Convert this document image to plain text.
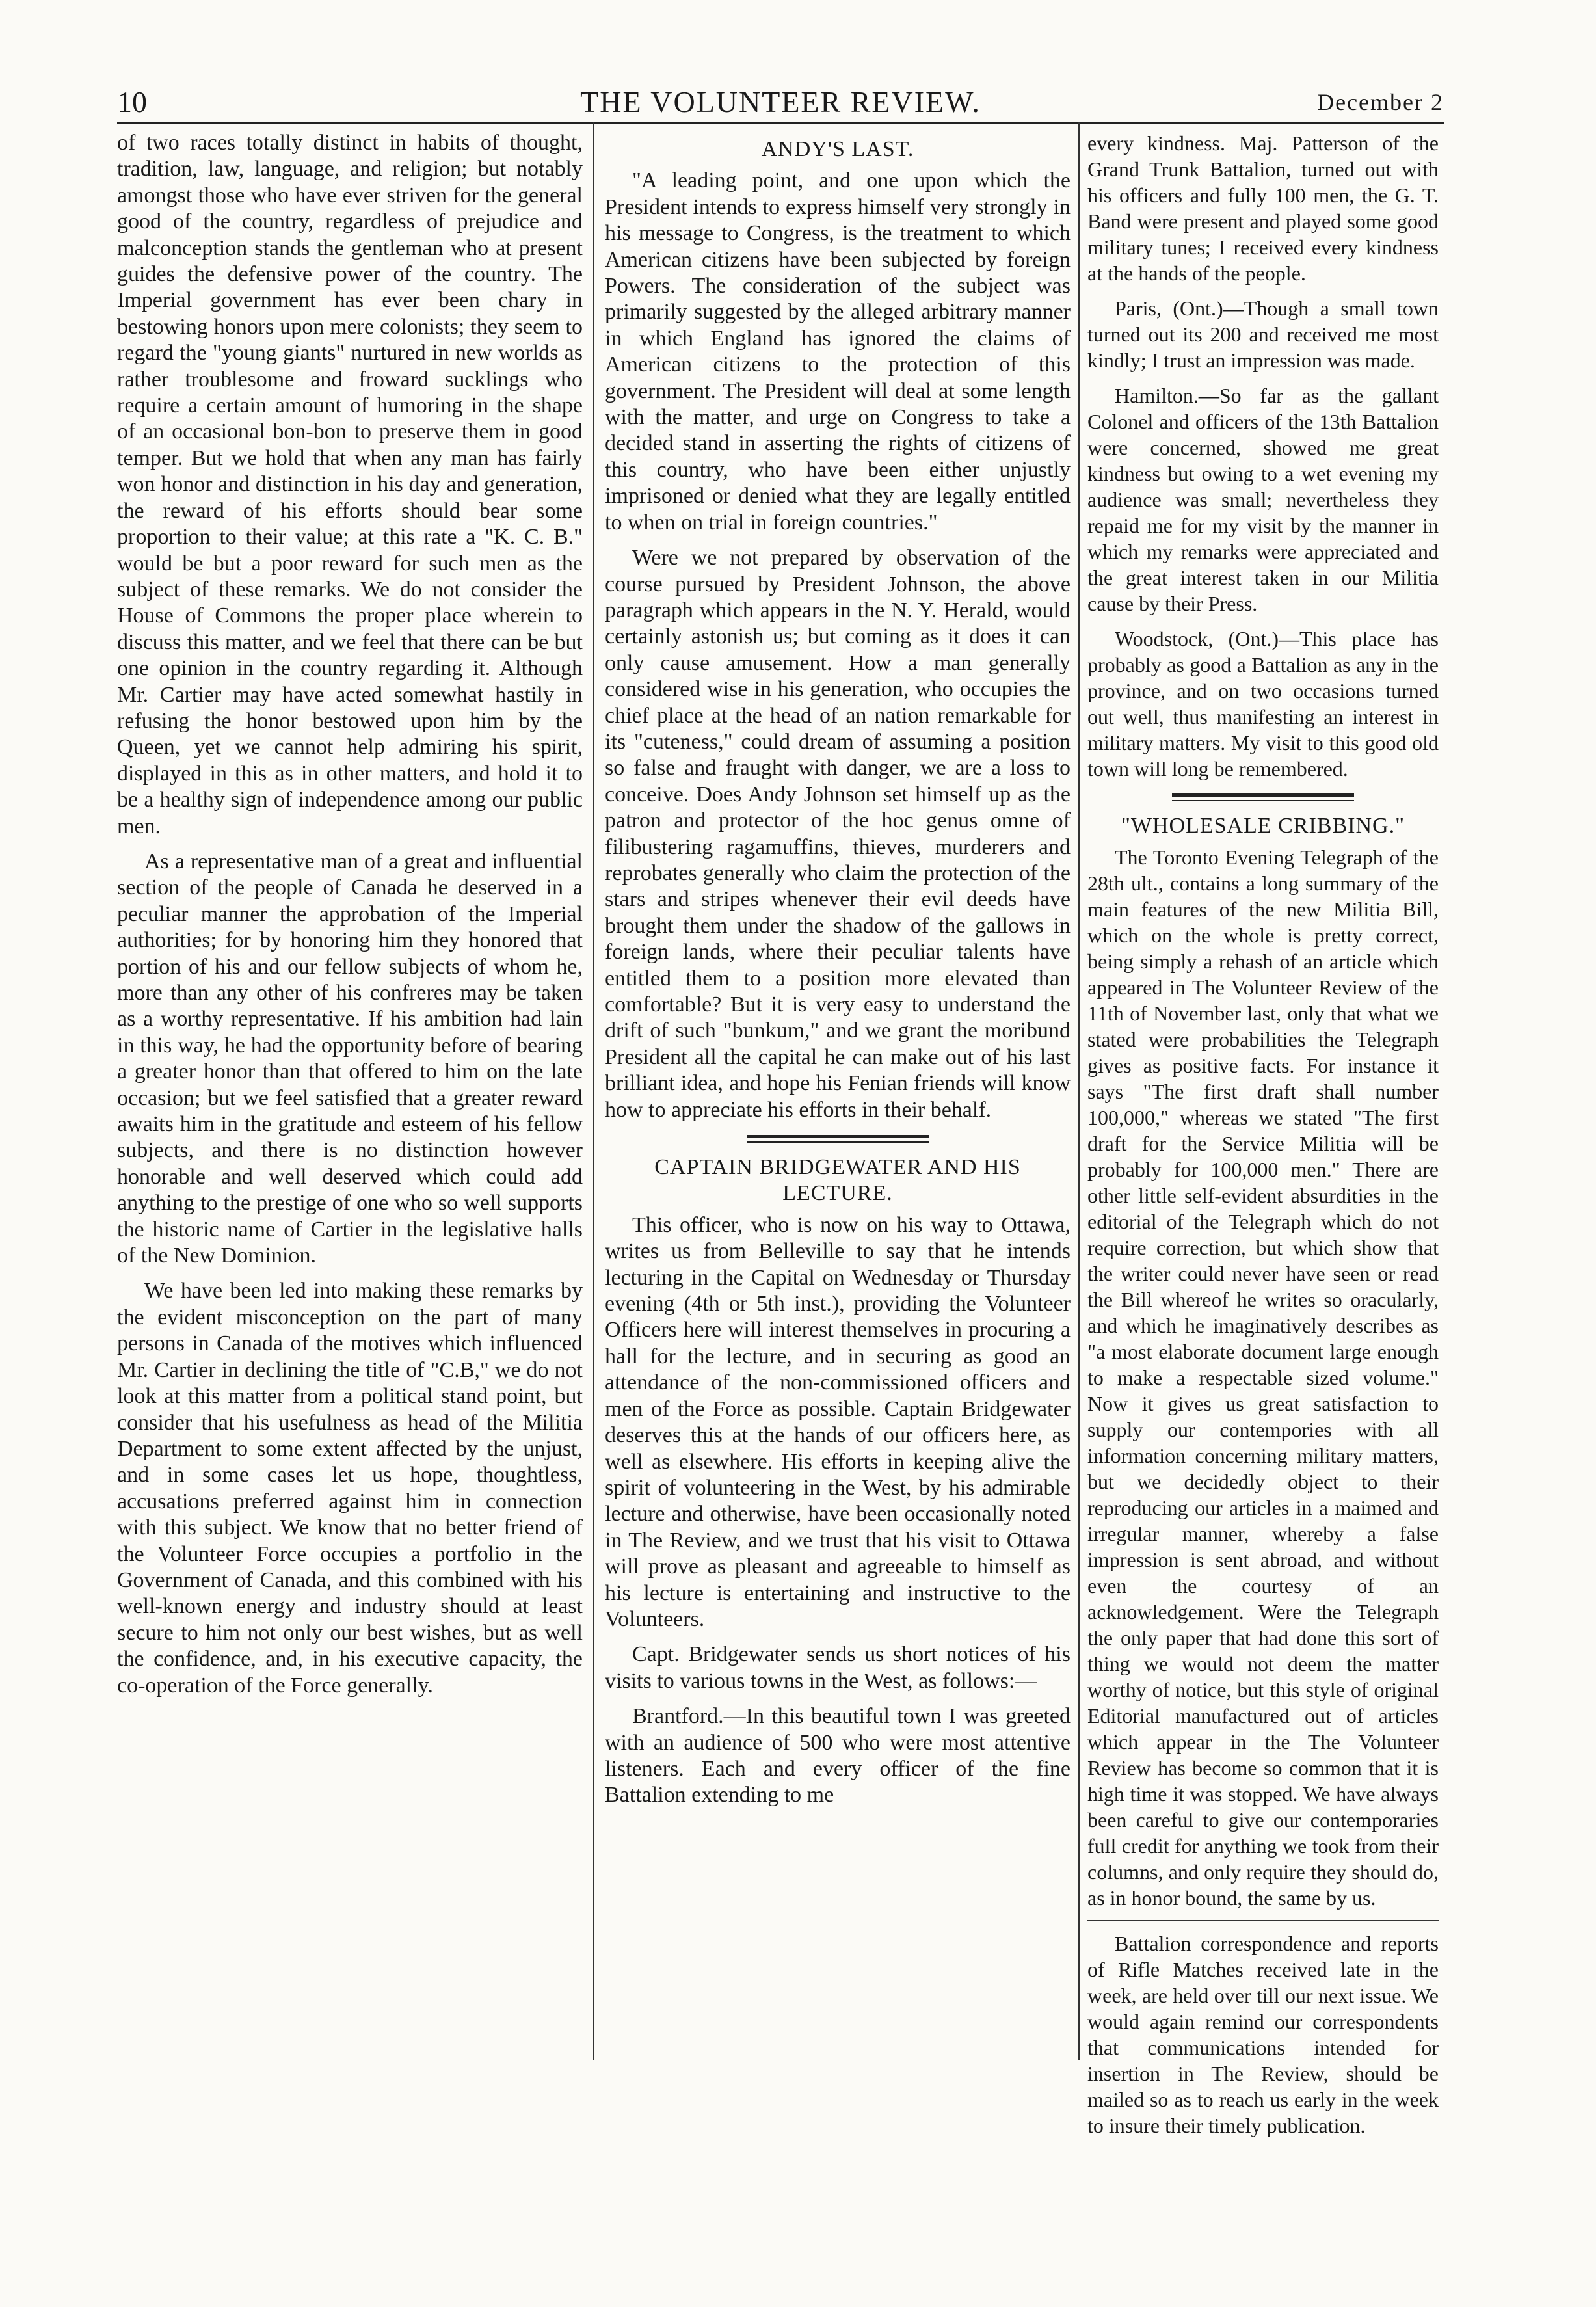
10	THE VOLUNTEER REVIEW.	December 2

of two races totally distinct in habits of thought, tradition, law, language, and religion; but notably amongst those who have ever striven for the general good of the country, regardless of prejudice and malconception stands the gentleman who at present guides the defensive power of the country. The Imperial government has ever been chary in bestowing honors upon mere colonists; they seem to regard the "young giants" nurtured in new worlds as rather troublesome and froward sucklings who require a certain amount of humoring in the shape of an occasional bon-bon to preserve them in good temper. But we hold that when any man has fairly won honor and distinction in his day and generation, the reward of his efforts should bear some proportion to their value; at this rate a "K. C. B." would be but a poor reward for such men as the subject of these remarks. We do not consider the House of Commons the proper place wherein to discuss this matter, and we feel that there can be but one opinion in the country regarding it. Although Mr. Cartier may have acted somewhat hastily in refusing the honor bestowed upon him by the Queen, yet we cannot help admiring his spirit, displayed in this as in other matters, and hold it to be a healthy sign of independence among our public men.

As a representative man of a great and influential section of the people of Canada he deserved in a peculiar manner the approbation of the Imperial authorities; for by honoring him they honored that portion of his and our fellow subjects of whom he, more than any other of his confreres may be taken as a worthy representative. If his ambition had lain in this way, he had the opportunity before of bearing a greater honor than that offered to him on the late occasion; but we feel satisfied that a greater reward awaits him in the gratitude and esteem of his fellow subjects, and there is no distinction however honorable and well deserved which could add anything to the prestige of one who so well supports the historic name of Cartier in the legislative halls of the New Dominion.

We have been led into making these remarks by the evident misconception on the part of many persons in Canada of the motives which influenced Mr. Cartier in declining the title of "C.B," we do not look at this matter from a political stand point, but consider that his usefulness as head of the Militia Department to some extent affected by the unjust, and in some cases let us hope, thoughtless, accusations preferred against him in connection with this subject. We know that no better friend of the Volunteer Force occupies a portfolio in the Government of Canada, and this combined with his well-known energy and industry should at least secure to him not only our best wishes, but as well the confidence, and, in his executive capacity, the co-operation of the Force generally.

ANDY'S LAST.

"A leading point, and one upon which the President intends to express himself very strongly in his message to Congress, is the treatment to which American citizens have been subjected by foreign Powers. The consideration of the subject was primarily suggested by the alleged arbitrary manner in which England has ignored the claims of American citizens to the protection of this government. The President will deal at some length with the matter, and urge on Congress to take a decided stand in asserting the rights of citizens of this country, who have been either unjustly imprisoned or denied what they are legally entitled to when on trial in foreign countries."

Were we not prepared by observation of the course pursued by President Johnson, the above paragraph which appears in the N. Y. Herald, would certainly astonish us; but coming as it does it can only cause amusement. How a man generally considered wise in his generation, who occupies the chief place at the head of an nation remarkable for its "cuteness," could dream of assuming a position so false and fraught with danger, we are a loss to conceive. Does Andy Johnson set himself up as the patron and protector of the hoc genus omne of filibustering ragamuffins, thieves, murderers and reprobates generally who claim the protection of the stars and stripes whenever their evil deeds have brought them under the shadow of the gallows in foreign lands, where their peculiar talents have entitled them to a position more elevated than comfortable? But it is very easy to understand the drift of such "bunkum," and we grant the moribund President all the capital he can make out of his last brilliant idea, and hope his Fenian friends will know how to appreciate his efforts in their behalf.

CAPTAIN BRIDGEWATER AND HIS LECTURE.

This officer, who is now on his way to Ottawa, writes us from Belleville to say that he intends lecturing in the Capital on Wednesday or Thursday evening (4th or 5th inst.), providing the Volunteer Officers here will interest themselves in procuring a hall for the lecture, and in securing as good an attendance of the non-commissioned officers and men of the Force as possible. Captain Bridgewater deserves this at the hands of our officers here, as well as elsewhere. His efforts in keeping alive the spirit of volunteering in the West, by his admirable lecture and otherwise, have been occasionally noted in The Review, and we trust that his visit to Ottawa will prove as pleasant and agreeable to himself as his lecture is entertaining and instructive to the Volunteers.

Capt. Bridgewater sends us short notices of his visits to various towns in the West, as follows:—

Brantford.—In this beautiful town I was greeted with an audience of 500 who were most attentive listeners. Each and every officer of the fine Battalion extending to me

every kindness. Maj. Patterson of the Grand Trunk Battalion, turned out with his officers and fully 100 men, the G. T. Band were present and played some good military tunes; I received every kindness at the hands of the people.

Paris, (Ont.)—Though a small town turned out its 200 and received me most kindly; I trust an impression was made.

Hamilton.—So far as the gallant Colonel and officers of the 13th Battalion were concerned, showed me great kindness but owing to a wet evening my audience was small; nevertheless they repaid me for my visit by the manner in which my remarks were appreciated and the great interest taken in our Militia cause by their Press.

Woodstock, (Ont.)—This place has probably as good a Battalion as any in the province, and on two occasions turned out well, thus manifesting an interest in military matters. My visit to this good old town will long be remembered.

"WHOLESALE CRIBBING."

The Toronto Evening Telegraph of the 28th ult., contains a long summary of the main features of the new Militia Bill, which on the whole is pretty correct, being simply a rehash of an article which appeared in The Volunteer Review of the 11th of November last, only that what we stated were probabilities the Telegraph gives as positive facts. For instance it says "The first draft shall number 100,000," whereas we stated "The first draft for the Service Militia will be probably for 100,000 men." There are other little self-evident absurdities in the editorial of the Telegraph which do not require correction, but which show that the writer could never have seen or read the Bill whereof he writes so oracularly, and which he imaginatively describes as "a most elaborate document large enough to make a respectable sized volume." Now it gives us great satisfaction to supply our contempories with all information concerning military matters, but we decidedly object to their reproducing our articles in a maimed and irregular manner, whereby a false impression is sent abroad, and without even the courtesy of an acknowledgement. Were the Telegraph the only paper that had done this sort of thing we would not deem the matter worthy of notice, but this style of original Editorial manufactured out of articles which appear in the The Volunteer Review has become so common that it is high time it was stopped. We have always been careful to give our contemporaries full credit for anything we took from their columns, and only require they should do, as in honor bound, the same by us.

Battalion correspondence and reports of Rifle Matches received late in the week, are held over till our next issue. We would again remind our correspondents that communications intended for insertion in The Review, should be mailed so as to reach us early in the week to insure their timely publication.
